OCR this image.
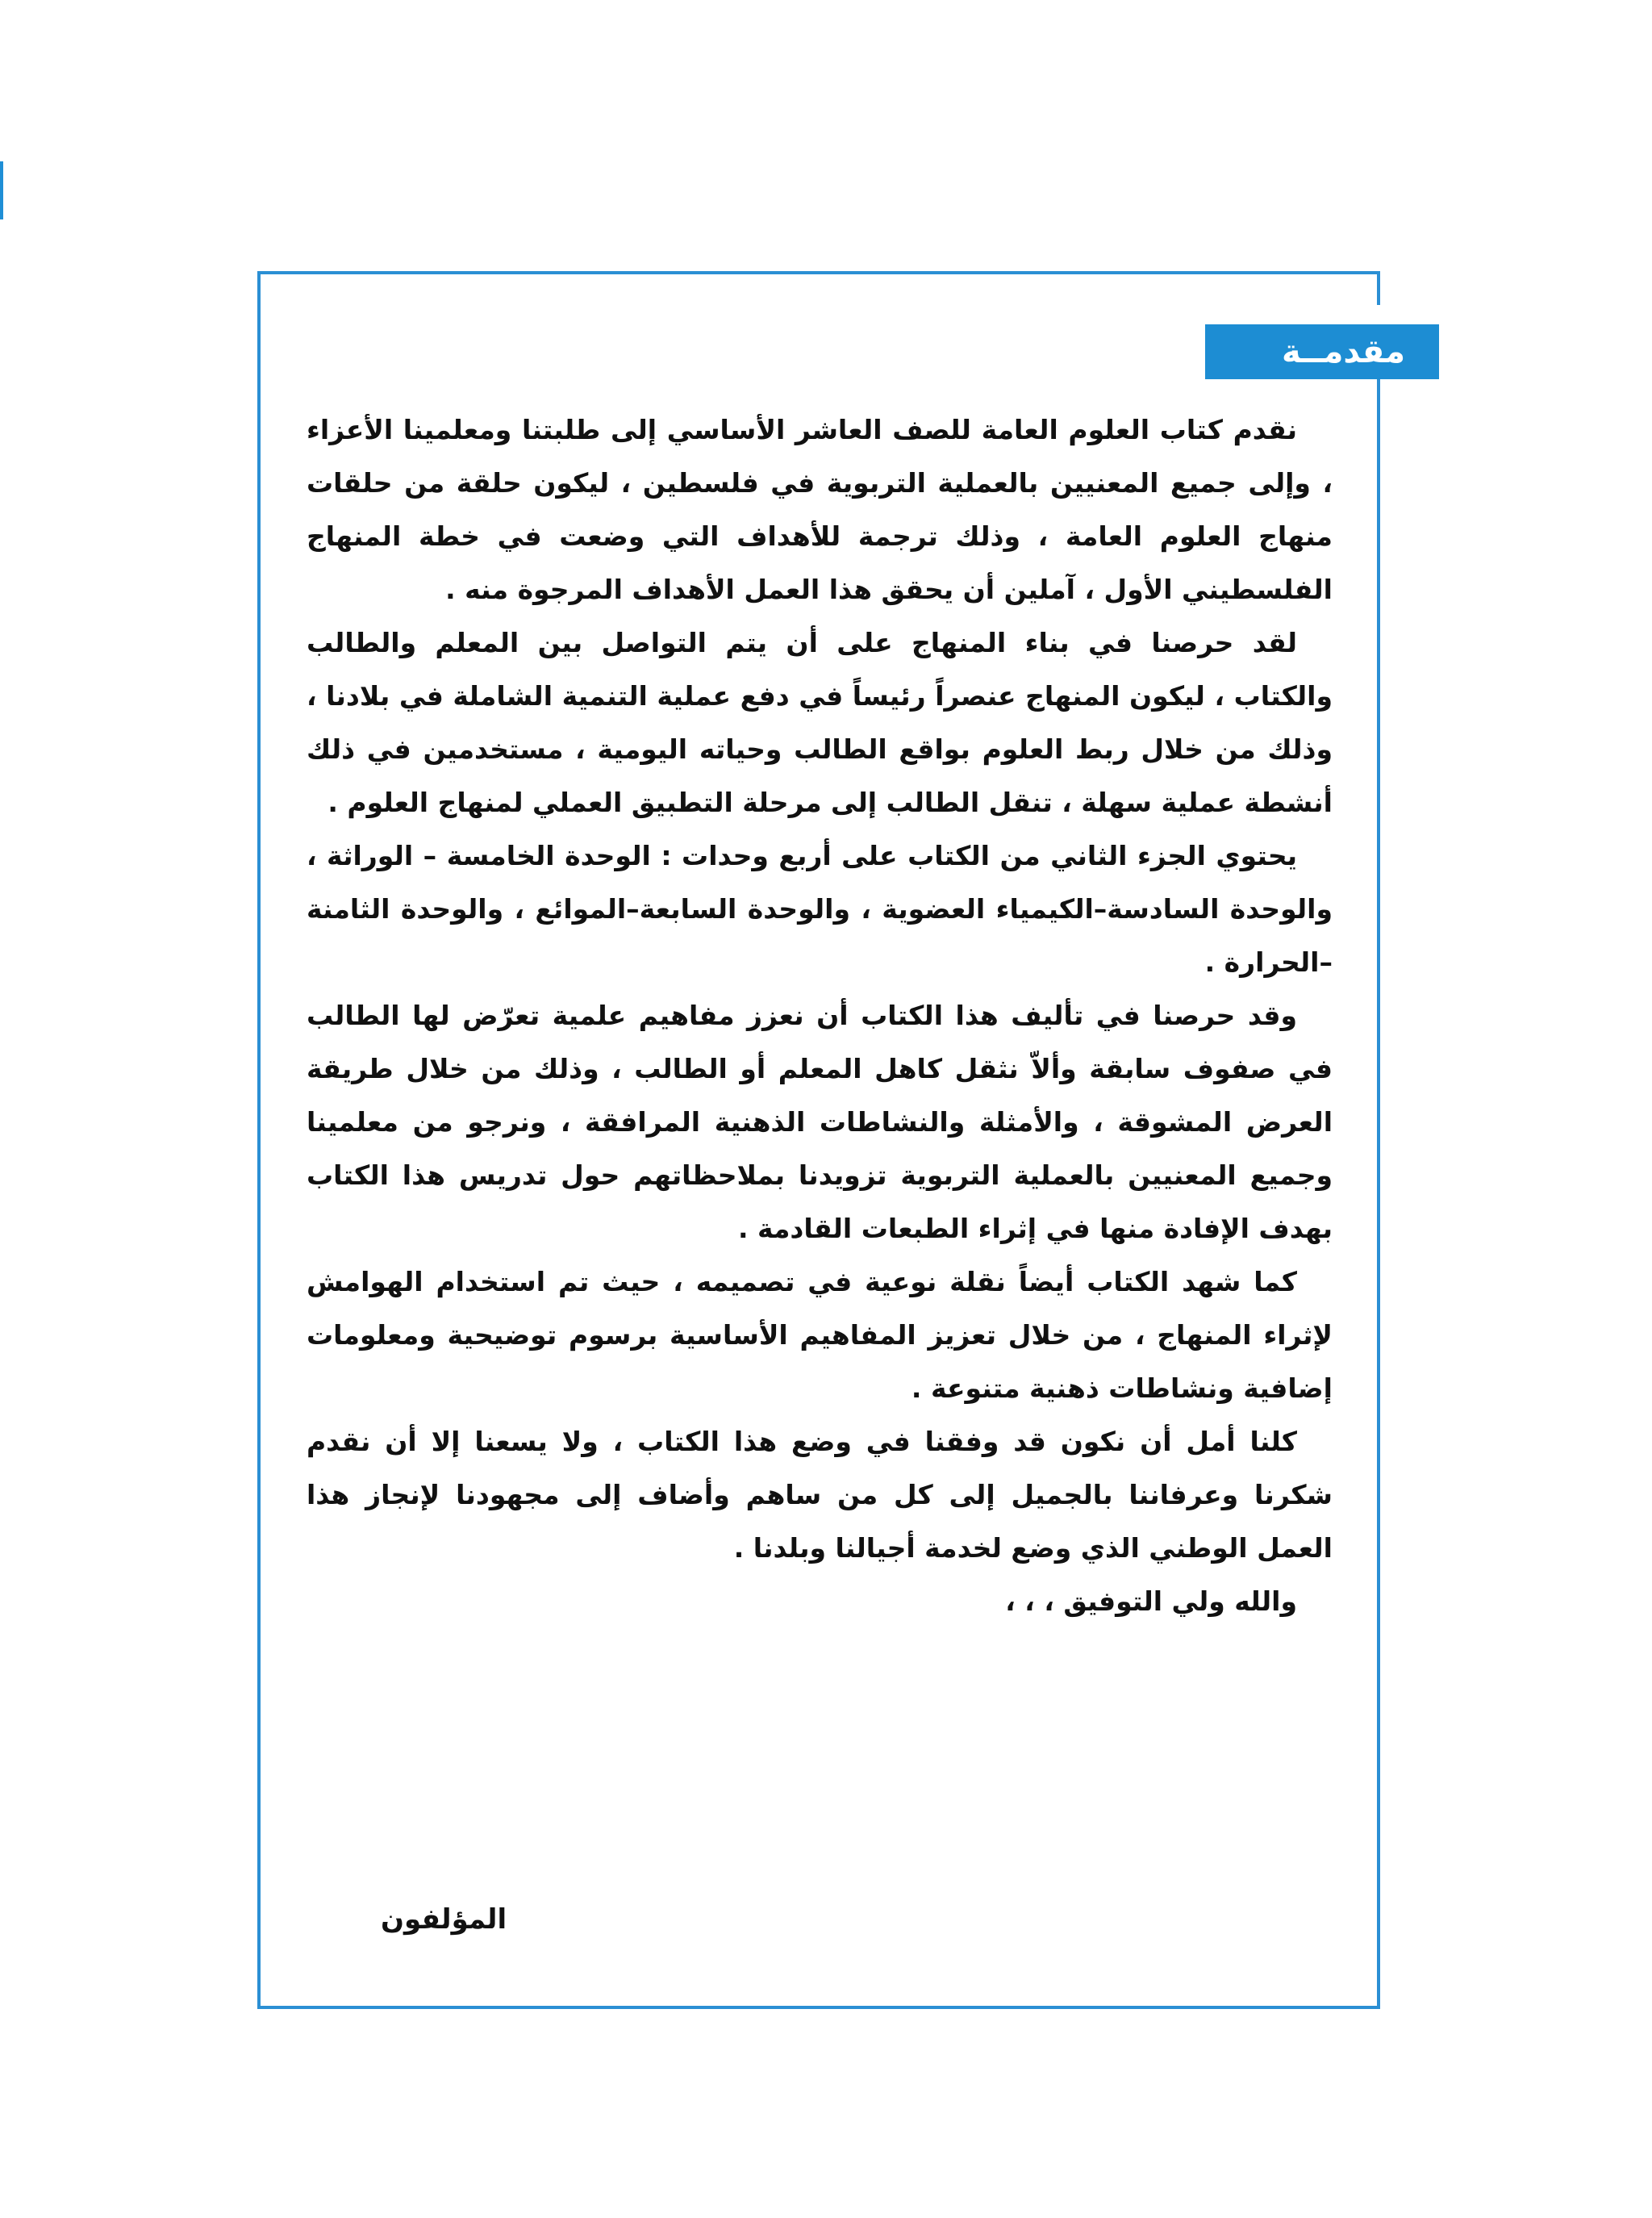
مقدمــة

نقدم كتاب العلوم العامة للصف العاشر الأساسي إلى طلبتنا ومعلمينا الأعزاء ، وإلى جميع المعنيين بالعملية التربوية في فلسطين ، ليكون حلقة من حلقات منهاج العلوم العامة ، وذلك ترجمة للأهداف التي وضعت في خطة المنهاج الفلسطيني الأول ، آملين أن يحقق هذا العمل الأهداف المرجوة منه .

لقد حرصنا في بناء المنهاج على أن يتم التواصل بين المعلم والطالب والكتاب ، ليكون المنهاج عنصراً رئيساً في دفع عملية التنمية الشاملة في بلادنا ، وذلك من خلال ربط العلوم بواقع الطالب وحياته اليومية ، مستخدمين في ذلك أنشطة عملية سهلة ، تنقل الطالب إلى مرحلة التطبيق العملي لمنهاج العلوم .

يحتوي الجزء الثاني من الكتاب على أربع وحدات : الوحدة الخامسة – الوراثة ، والوحدة السادسة–الكيمياء العضوية ، والوحدة السابعة–الموائع ، والوحدة الثامنة –الحرارة .

وقد حرصنا في تأليف هذا الكتاب أن نعزز مفاهيم علمية تعرّض لها الطالب في صفوف سابقة وألاّ نثقل كاهل المعلم أو الطالب ، وذلك من خلال طريقة العرض المشوقة ، والأمثلة والنشاطات الذهنية المرافقة ، ونرجو من معلمينا وجميع المعنيين بالعملية التربوية تزويدنا بملاحظاتهم حول تدريس هذا الكتاب بهدف الإفادة منها في إثراء الطبعات القادمة .

كما شهد الكتاب أيضاً نقلة نوعية في تصميمه ، حيث تم استخدام الهوامش لإثراء المنهاج ، من خلال تعزيز المفاهيم الأساسية برسوم توضيحية ومعلومات إضافية ونشاطات ذهنية متنوعة .

كلنا أمل أن نكون قد وفقنا في وضع هذا الكتاب ، ولا يسعنا إلا أن نقدم شكرنا وعرفاننا بالجميل إلى كل من ساهم وأضاف إلى مجهودنا لإنجاز هذا العمل الوطني الذي وضع لخدمة أجيالنا وبلدنا .

والله ولي التوفيق ، ، ،

المؤلفون
